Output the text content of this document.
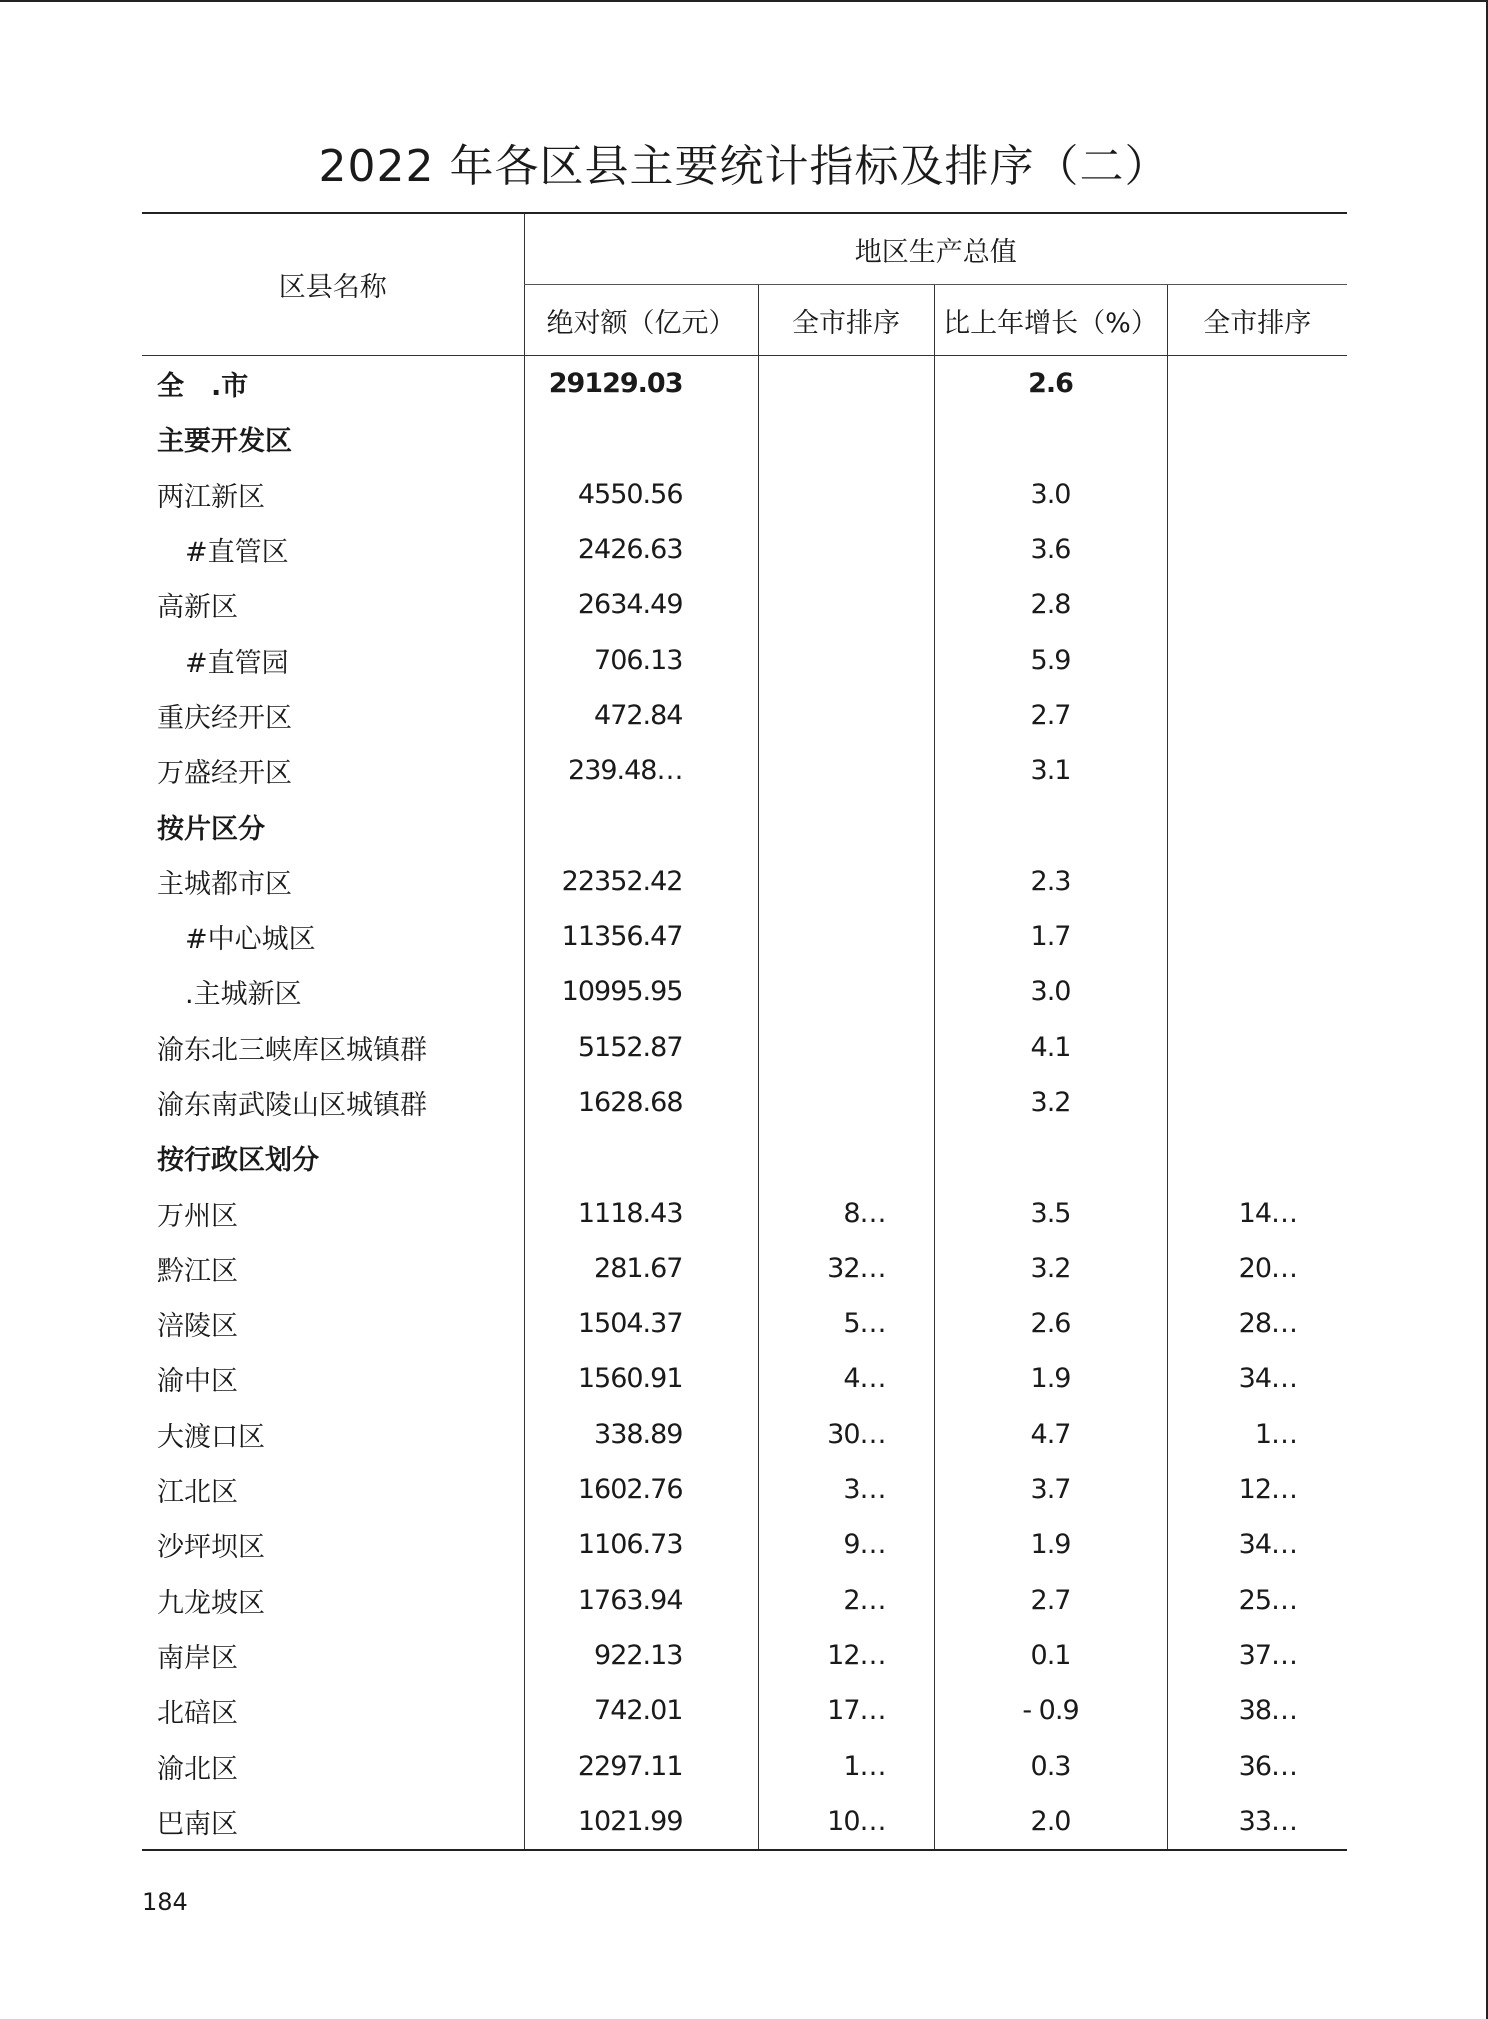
2022 年各区县主要统计指标及排序（二）
区县名称	地区生产总值			
	绝对额（亿元）	全市排序	比上年增长（%）	全市排序
全　.市	29129.03		2.6	
主要开发区				
两江新区	4550.56		3.0	
#直管区	2426.63		3.6	
高新区	2634.49		2.8	
#直管园	706.13		5.9	
重庆经开区	472.84		2.7	
万盛经开区	239.48…		3.1	
按片区分				
主城都市区	22352.42		2.3	
#中心城区	11356.47		1.7	
.主城新区	10995.95		3.0	
渝东北三峡库区城镇群	5152.87		4.1	
渝东南武陵山区城镇群	1628.68		3.2	
按行政区划分				
万州区	1118.43	8…	3.5	14…
黔江区	281.67	32…	3.2	20…
涪陵区	1504.37	5…	2.6	28…
渝中区	1560.91	4…	1.9	34…
大渡口区	338.89	30…	4.7	1…
江北区	1602.76	3…	3.7	12…
沙坪坝区	1106.73	9…	1.9	34…
九龙坡区	1763.94	2…	2.7	25…
南岸区	922.13	12…	0.1	37…
北碚区	742.01	17…	- 0.9	38…
渝北区	2297.11	1…	0.3	36…
巴南区	1021.99	10…	2.0	33…
184
